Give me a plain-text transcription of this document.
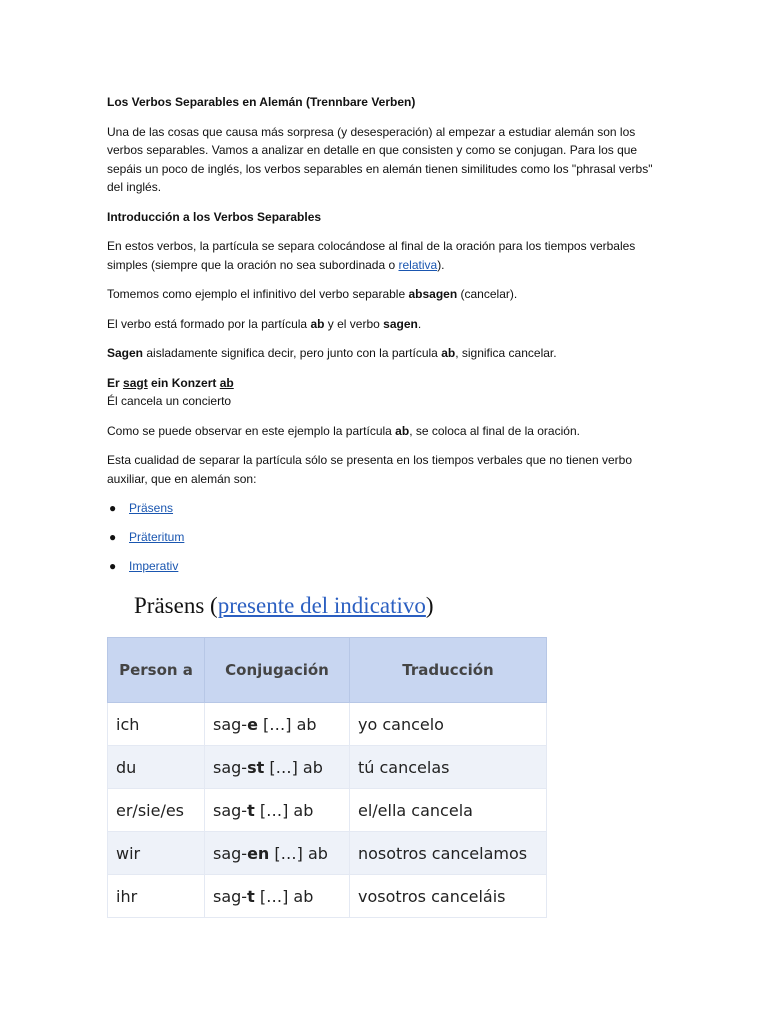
Los Verbos Separables en Alemán (Trennbare Verben)

Una de las cosas que causa más sorpresa (y desesperación) al empezar a estudiar alemán son los verbos separables. Vamos a analizar en detalle en que consisten y como se conjugan. Para los que sepáis un poco de inglés, los verbos separables en alemán tienen similitudes como los "phrasal verbs" del inglés.

Introducción a los Verbos Separables

En estos verbos, la partícula se separa colocándose al final de la oración para los tiempos verbales simples (siempre que la oración no sea subordinada o relativa).

Tomemos como ejemplo el infinitivo del verbo separable absagen (cancelar).

El verbo está formado por la partícula ab y el verbo sagen.

Sagen aisladamente significa decir, pero junto con la partícula ab, significa cancelar.

Er sagt ein Konzert ab
Él cancela un concierto

Como se puede observar en este ejemplo la partícula ab, se coloca al final de la oración.

Esta cualidad de separar la partícula sólo se presenta en los tiempos verbales que no tienen verbo auxiliar, que en alemán son:

● Präsens
● Präteritum
● Imperativ
Präsens (presente del indicativo)
Person a	Conjugación	Traducción
ich	sag-e […] ab	yo cancelo
du	sag-st […] ab	tú cancelas
er/sie/es	sag-t […] ab	el/ella cancela
wir	sag-en […] ab	nosotros cancelamos
ihr	sag-t […] ab	vosotros canceláis
